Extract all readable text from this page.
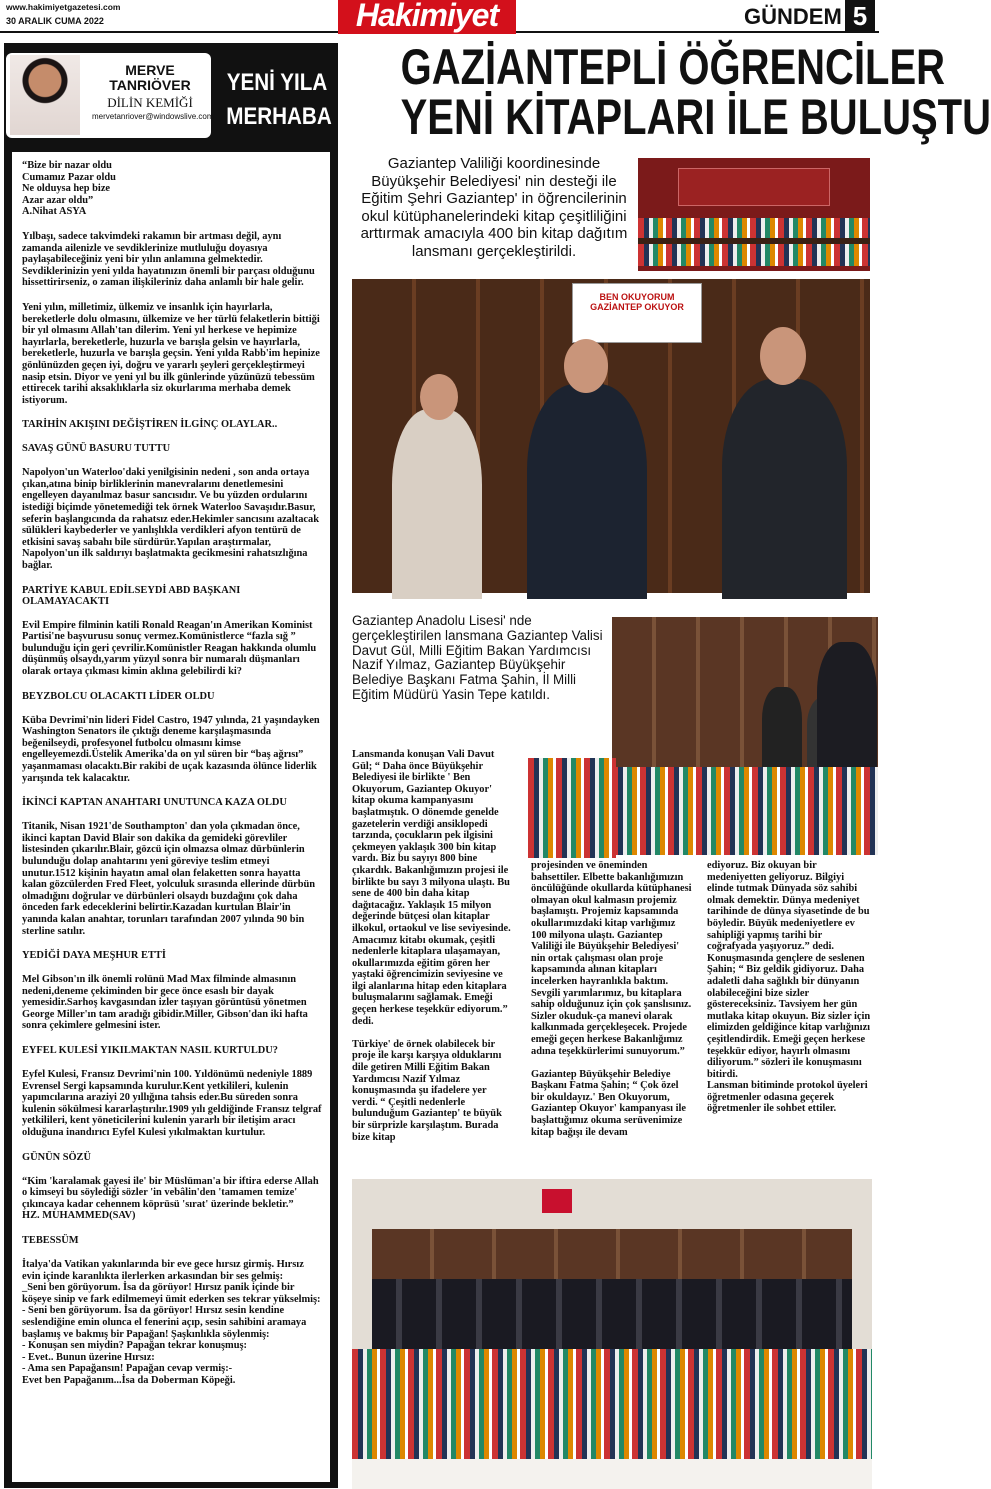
www.hakimiyetgazetesi.com
30 ARALIK CUMA 2022	Hakimiyet	GÜNDEM 5
MERVE
TANRIÖVER
DİLİN KEMİĞİ
mervetanriover@windowslive.com
YENİ YILA
MERHABA
“Bize bir nazar oldu
Cumamız Pazar oldu
Ne olduysa hep bize
Azar azar oldu”
A.Nihat ASYA
Yılbaşı, sadece takvimdeki rakamın bir artması değil, aynı zamanda ailenizle ve sevdiklerinize mutluluğu doyasıya paylaşabileceğiniz yeni bir yılın anlamına gelmektedir. Sevdiklerinizin yeni yılda hayatınızın önemli bir parçası olduğunu hissettirirseniz, o zaman ilişkileriniz daha anlamlı bir hale gelir.
Yeni yılın, milletimiz, ülkemiz ve insanlık için hayırlarla, bereketlerle dolu olmasını, ülkemize ve her türlü felaketlerin bittiği bir yıl olmasını Allah'tan dilerim. Yeni yıl herkese ve hepimize hayırlarla, bereketlerle, huzurla ve barışla gelsin ve hayırlarla, bereketlerle, huzurla ve barışla geçsin. Yeni yılda Rabb'im hepinize gönlünüzden geçen iyi, doğru ve yararlı şeyleri gerçekleştirmeyi nasip etsin. Diyor ve yeni yıl bu ilk günlerinde yüzünüzü tebessüm ettirecek tarihi aksaklıklarla siz okurlarıma merhaba demek istiyorum.
TARİHİN AKIŞINI DEĞİŞTİREN İLGİNÇ OLAYLAR..
SAVAŞ GÜNÜ BASURU TUTTU
Napolyon'un Waterloo'daki yenilgisinin nedeni , son anda ortaya çıkan,atına binip birliklerinin manevralarını denetlemesini engelleyen dayanılmaz basur sancısıdır. Ve bu yüzden ordularını istediği biçimde yönetemediği tek örnek Waterloo Savaşıdır.Basur, seferin başlangıcında da rahatsız eder.Hekimler sancısını azaltacak sülükleri kaybederler ve yanlışlıkla verdikleri afyon tentürü de etkisini savaş sabahı bile sürdürür.Yapılan araştırmalar, Napolyon'un ilk saldırıyı başlatmakta gecikmesini rahatsızlığına bağlar.
PARTİYE KABUL EDİLSEYDİ ABD BAŞKANI OLAMAYACAKTI
Evil Empire filminin katili Ronald Reagan'ın Amerikan Kominist Partisi'ne başvurusu sonuç vermez.Komünistlerce “fazla sığ ” bulunduğu için geri çevrilir.Komünistler Reagan hakkında olumlu düşünmüş olsaydı,yarım yüzyıl sonra bir numaralı düşmanları olarak ortaya çıkması kimin aklına gelebilirdi ki?
BEYZBOLCU OLACAKTI LİDER OLDU
Küba Devrimi'nin lideri Fidel Castro, 1947 yılında, 21 yaşındayken Washington Senators ile çıktığı deneme karşılaşmasında beğenilseydi, profesyonel futbolcu olmasını kimse engelleyemezdi.Üstelik Amerika'da on yıl süren bir “baş ağrısı” yaşanmaması olacaktı.Bir rakibi de uçak kazasında ölünce liderlik yarışında tek kalacaktır.
İKİNCİ KAPTAN ANAHTARI UNUTUNCA KAZA OLDU
Titanik, Nisan 1921'de Southampton' dan yola çıkmadan önce, ikinci kaptan David Blair son dakika da gemideki görevliler listesinden çıkarılır.Blair, gözcü için olmazsa olmaz dürbünlerin bulunduğu dolap anahtarını yeni göreviye teslim etmeyi unutur.1512 kişinin hayatın amal olan felaketten sonra hayatta kalan gözcülerden Fred Fleet, yolculuk sırasında ellerinde dürbün olmadığını doğrular ve dürbünleri olsaydı buzdağını çok daha önceden fark edeceklerini belirtir.Kazadan kurtulan Blair'in yanında kalan anahtar, torunları tarafından 2007 yılında 90 bin sterline satılır.
YEDİĞİ DAYA MEŞHUR ETTİ
Mel Gibson'ın ilk önemli rolünü Mad Max filminde almasının nedeni,deneme çekiminden bir gece önce esaslı bir dayak yemesidir.Sarhoş kavgasından izler taşıyan görüntüsü yönetmen George Miller'ın tam aradığı gibidir.Miller, Gibson'dan iki hafta sonra çekimlere gelmesini ister.
EYFEL KULESİ YIKILMAKTAN NASIL KURTULDU?
Eyfel Kulesi, Fransız Devrimi'nin 100. Yıldönümü nedeniyle 1889 Evrensel Sergi kapsamında kurulur.Kent yetkilileri, kulenin yapımcılarına araziyi 20 yıllığına tahsis eder.Bu süreden sonra kulenin sökülmesi kararlaştırılır.1909 yılı geldiğinde Fransız telgraf yetkilileri, kent yöneticilerini kulenin yararlı bir iletişim aracı olduğuna inandırıcı Eyfel Kulesi yıkılmaktan kurtulur.
GÜNÜN SÖZÜ
“Kim 'karalamak gayesi ile' bir Müslüman'a bir iftira ederse Allah o kimseyi bu söylediği sözler 'in vebâlin'den 'tamamen temize' çıkıncaya kadar cehennem köprüsü 'sırat' üzerinde bekletir.”
HZ. MUHAMMED(SAV)
TEBESSÜM
İtalya'da Vatikan yakınlarında bir eve gece hırsız girmiş. Hırsız evin içinde karanlıkta ilerlerken arkasından bir ses gelmiş:
_Seni ben görüyorum. İsa da görüyor! Hırsız panik içinde bir köşeye sinip ve fark edilmemeyi ümit ederken ses tekrar yükselmiş:
- Seni ben görüyorum. İsa da görüyor! Hırsız sesin kendine seslendiğine emin olunca el fenerini açıp, sesin sahibini aramaya başlamış ve bakmış bir Papağan! Şaşkınlıkla söylenmiş:
- Konuşan sen miydin? Papağan tekrar konuşmuş:
- Evet.. Bunun üzerine Hırsız:
- Ama sen Papağansın! Papağan cevap vermiş:-
Evet ben Papağanım...İsa da Doberman Köpeği.
GAZİANTEPLİ ÖĞRENCİLER
YENİ KİTAPLARI İLE BULUŞTU
Gaziantep Valiliği koordinesinde Büyükşehir Belediyesi' nin desteği ile Eğitim Şehri Gaziantep' in öğrencilerinin okul kütüphanelerindeki kitap çeşitliliğini arttırmak amacıyla 400 bin kitap dağıtım lansmanı gerçekleştirildi.
BEN OKUYORUM GAZİANTEP OKUYOR
Gaziantep Anadolu Lisesi' nde gerçekleştirilen lansmana Gaziantep Valisi Davut Gül, Milli Eğitim Bakan Yardımcısı Nazif Yılmaz, Gaziantep Büyükşehir Belediye Başkanı Fatma Şahin, İl Milli Eğitim Müdürü Yasin Tepe katıldı.
Lansmanda konuşan Vali Davut Gül; “ Daha önce Büyükşehir Belediyesi ile birlikte ' Ben Okuyorum, Gaziantep Okuyor' kitap okuma kampanyasını başlatmıştık. O dönemde genelde gazetelerin verdiği ansiklopedi tarzında, çocukların pek ilgisini çekmeyen yaklaşık 300 bin kitap vardı. Biz bu sayıyı 800 bine çıkardık. Bakanlığımızın projesi ile birlikte bu sayı 3 milyona ulaştı. Bu sene de 400 bin daha kitap dağıtacağız. Yaklaşık 15 milyon değerinde bütçesi olan kitaplar ilkokul, ortaokul ve lise seviyesinde. Amacımız kitabı okumak, çeşitli nedenlerle kitaplara ulaşamayan, okullarımızda eğitim gören her yaştaki öğrencimizin seviyesine ve ilgi alanlarına hitap eden kitaplara buluşmalarını sağlamak. Emeği geçen herkese teşekkür ediyorum.” dedi.

Türkiye' de örnek olabilecek bir proje ile karşı karşıya olduklarını dile getiren Milli Eğitim Bakan Yardımcısı Nazif Yılmaz konuşmasında şu ifadelere yer verdi. “ Çeşitli nedenlerle bulunduğum Gaziantep' te büyük bir sürprizle karşılaştım. Burada bize kitap
projesinden ve öneminden bahsettiler. Elbette bakanlığımızın öncülüğünde okullarda kütüphanesi olmayan okul kalmasın projemiz başlamıştı. Projemiz kapsamında okullarımızdaki kitap varlığımız 100 milyona ulaştı. Gaziantep Valiliği ile Büyükşehir Belediyesi' nin ortak çalışması olan proje kapsamında alınan kitapları incelerken hayranlıkla baktım. Sevgili yarımlarımız, bu kitaplara sahip olduğunuz için çok şanslısınız. Sizler okuduk-ça manevi olarak kalkınmada gerçekleşecek. Projede emeği geçen herkese Bakanlığımız adına teşekkürlerimi sunuyorum.”

Gaziantep Büyükşehir Belediye Başkanı Fatma Şahin; “ Çok özel bir okuldayız.' Ben Okuyorum, Gaziantep Okuyor' kampanyası ile başlattığımız okuma serüvenimize kitap bağışı ile devam
ediyoruz. Biz okuyan bir medeniyetten geliyoruz. Bilgiyi elinde tutmak Dünyada söz sahibi olmak demektir. Dünya medeniyet tarihinde de dünya siyasetinde de bu böyledir. Büyük medeniyetlere ev sahipliği yapmış tarihi bir coğrafyada yaşıyoruz.” dedi. Konuşmasında gençlere de seslenen Şahin; “ Biz geldik gidiyoruz. Daha adaletli daha sağlıklı bir dünyanın olabileceğini bize sizler göstereceksiniz. Tavsiyem her gün mutlaka kitap okuyun. Biz sizler için elimizden geldiğince kitap varlığınızı çeşitlendirdik. Emeği geçen herkese teşekkür ediyor, hayırlı olmasını diliyorum.” sözleri ile konuşmasını bitirdi.
Lansman bitiminde protokol üyeleri öğretmenler odasına geçerek öğretmenler ile sohbet ettiler.
